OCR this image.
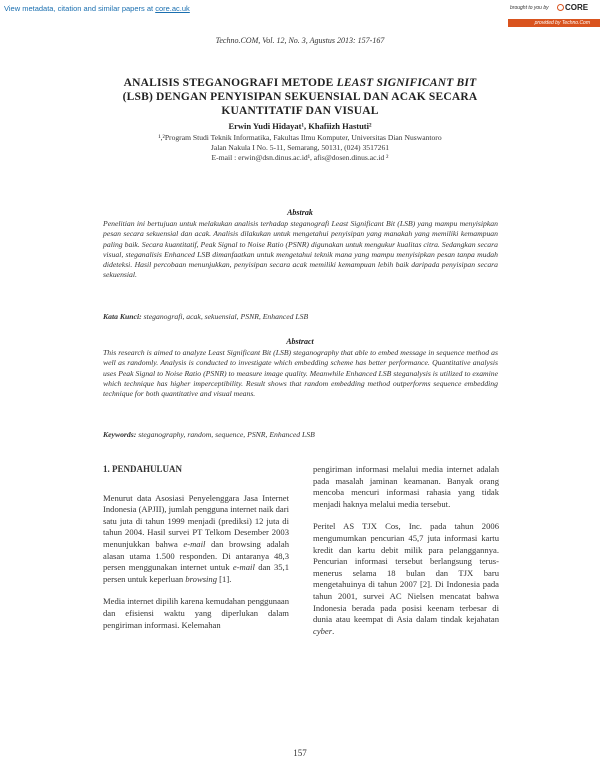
View metadata, citation and similar papers at core.ac.uk	brought to you by	CORE
provided by Techno.Com
Techno.COM, Vol. 12, No. 3, Agustus 2013: 157-167
ANALISIS STEGANOGRAFI METODE LEAST SIGNIFICANT BIT
(LSB) DENGAN PENYISIPAN SEKUENSIAL DAN ACAK SECARA
KUANTITATIF DAN VISUAL
Erwin Yudi Hidayat¹, Khafiizh Hastuti²
¹,²Program Studi Teknik Informatika, Fakultas Ilmu Komputer, Universitas Dian Nuswantoro
Jalan Nakula I No. 5-11, Semarang, 50131, (024) 3517261
E-mail : erwin@dsn.dinus.ac.id¹, afis@dosen.dinus.ac.id ²
Abstrak
Penelitian ini bertujuan untuk melakukan analisis terhadap steganografi Least Significant Bit (LSB) yang mampu menyisipkan pesan secara sekuensial dan acak. Analisis dilakukan untuk mengetahui penyisipan yang manakah yang memiliki kemampuan paling baik. Secara kuantitatif, Peak Signal to Noise Ratio (PSNR) digunakan untuk mengukur kualitas citra. Sedangkan secara visual, steganalisis Enhanced LSB dimanfaatkan untuk mengetahui teknik mana yang mampu menyisipkan pesan tanpa mudah dideteksi. Hasil percobaan menunjukkan, penyisipan secara acak memiliki kemampuan lebih baik daripada penyisipan secara sekuensial.
Kata Kunci: steganografi, acak, sekuensial, PSNR, Enhanced LSB
Abstract
This research is aimed to analyze Least Significant Bit (LSB) steganography that able to embed message in sequence method as well as randomly. Analysis is conducted to investigate which embedding scheme has better performance. Quantitative analysis uses Peak Signal to Noise Ratio (PSNR) to measure image quality. Meanwhile Enhanced LSB steganalysis is utilized to examine which technique has higher imperceptibility. Result shows that random embedding method outperforms sequence embedding technique for both quantitative and visual means.
Keywords: steganography, random, sequence, PSNR, Enhanced LSB
1. PENDAHULUAN

Menurut data Asosiasi Penyelenggara Jasa Internet Indonesia (APJII), jumlah pengguna internet naik dari satu juta di tahun 1999 menjadi (prediksi) 12 juta di tahun 2004. Hasil survei PT Telkom Desember 2003 menunjukkan bahwa e-mail dan browsing adalah alasan utama 1.500 responden. Di antaranya 48,3 persen menggunakan internet untuk e-mail dan 35,1 persen untuk keperluan browsing [1].

Media internet dipilih karena kemudahan penggunaan dan efisiensi waktu yang diperlukan dalam pengiriman informasi. Kelemahan

pengiriman informasi melalui media internet adalah pada masalah jaminan keamanan. Banyak orang mencoba mencuri informasi rahasia yang tidak menjadi haknya melalui media tersebut.

Peritel AS TJX Cos, Inc. pada tahun 2006 mengumumkan pencurian 45,7 juta informasi kartu kredit dan kartu debit milik para pelanggannya. Pencurian informasi tersebut berlangsung terus-menerus selama 18 bulan dan TJX baru mengetahuinya di tahun 2007 [2]. Di Indonesia pada tahun 2001, survei AC Nielsen mencatat bahwa Indonesia berada pada posisi keenam terbesar di dunia atau keempat di Asia dalam tindak kejahatan cyber.

157
